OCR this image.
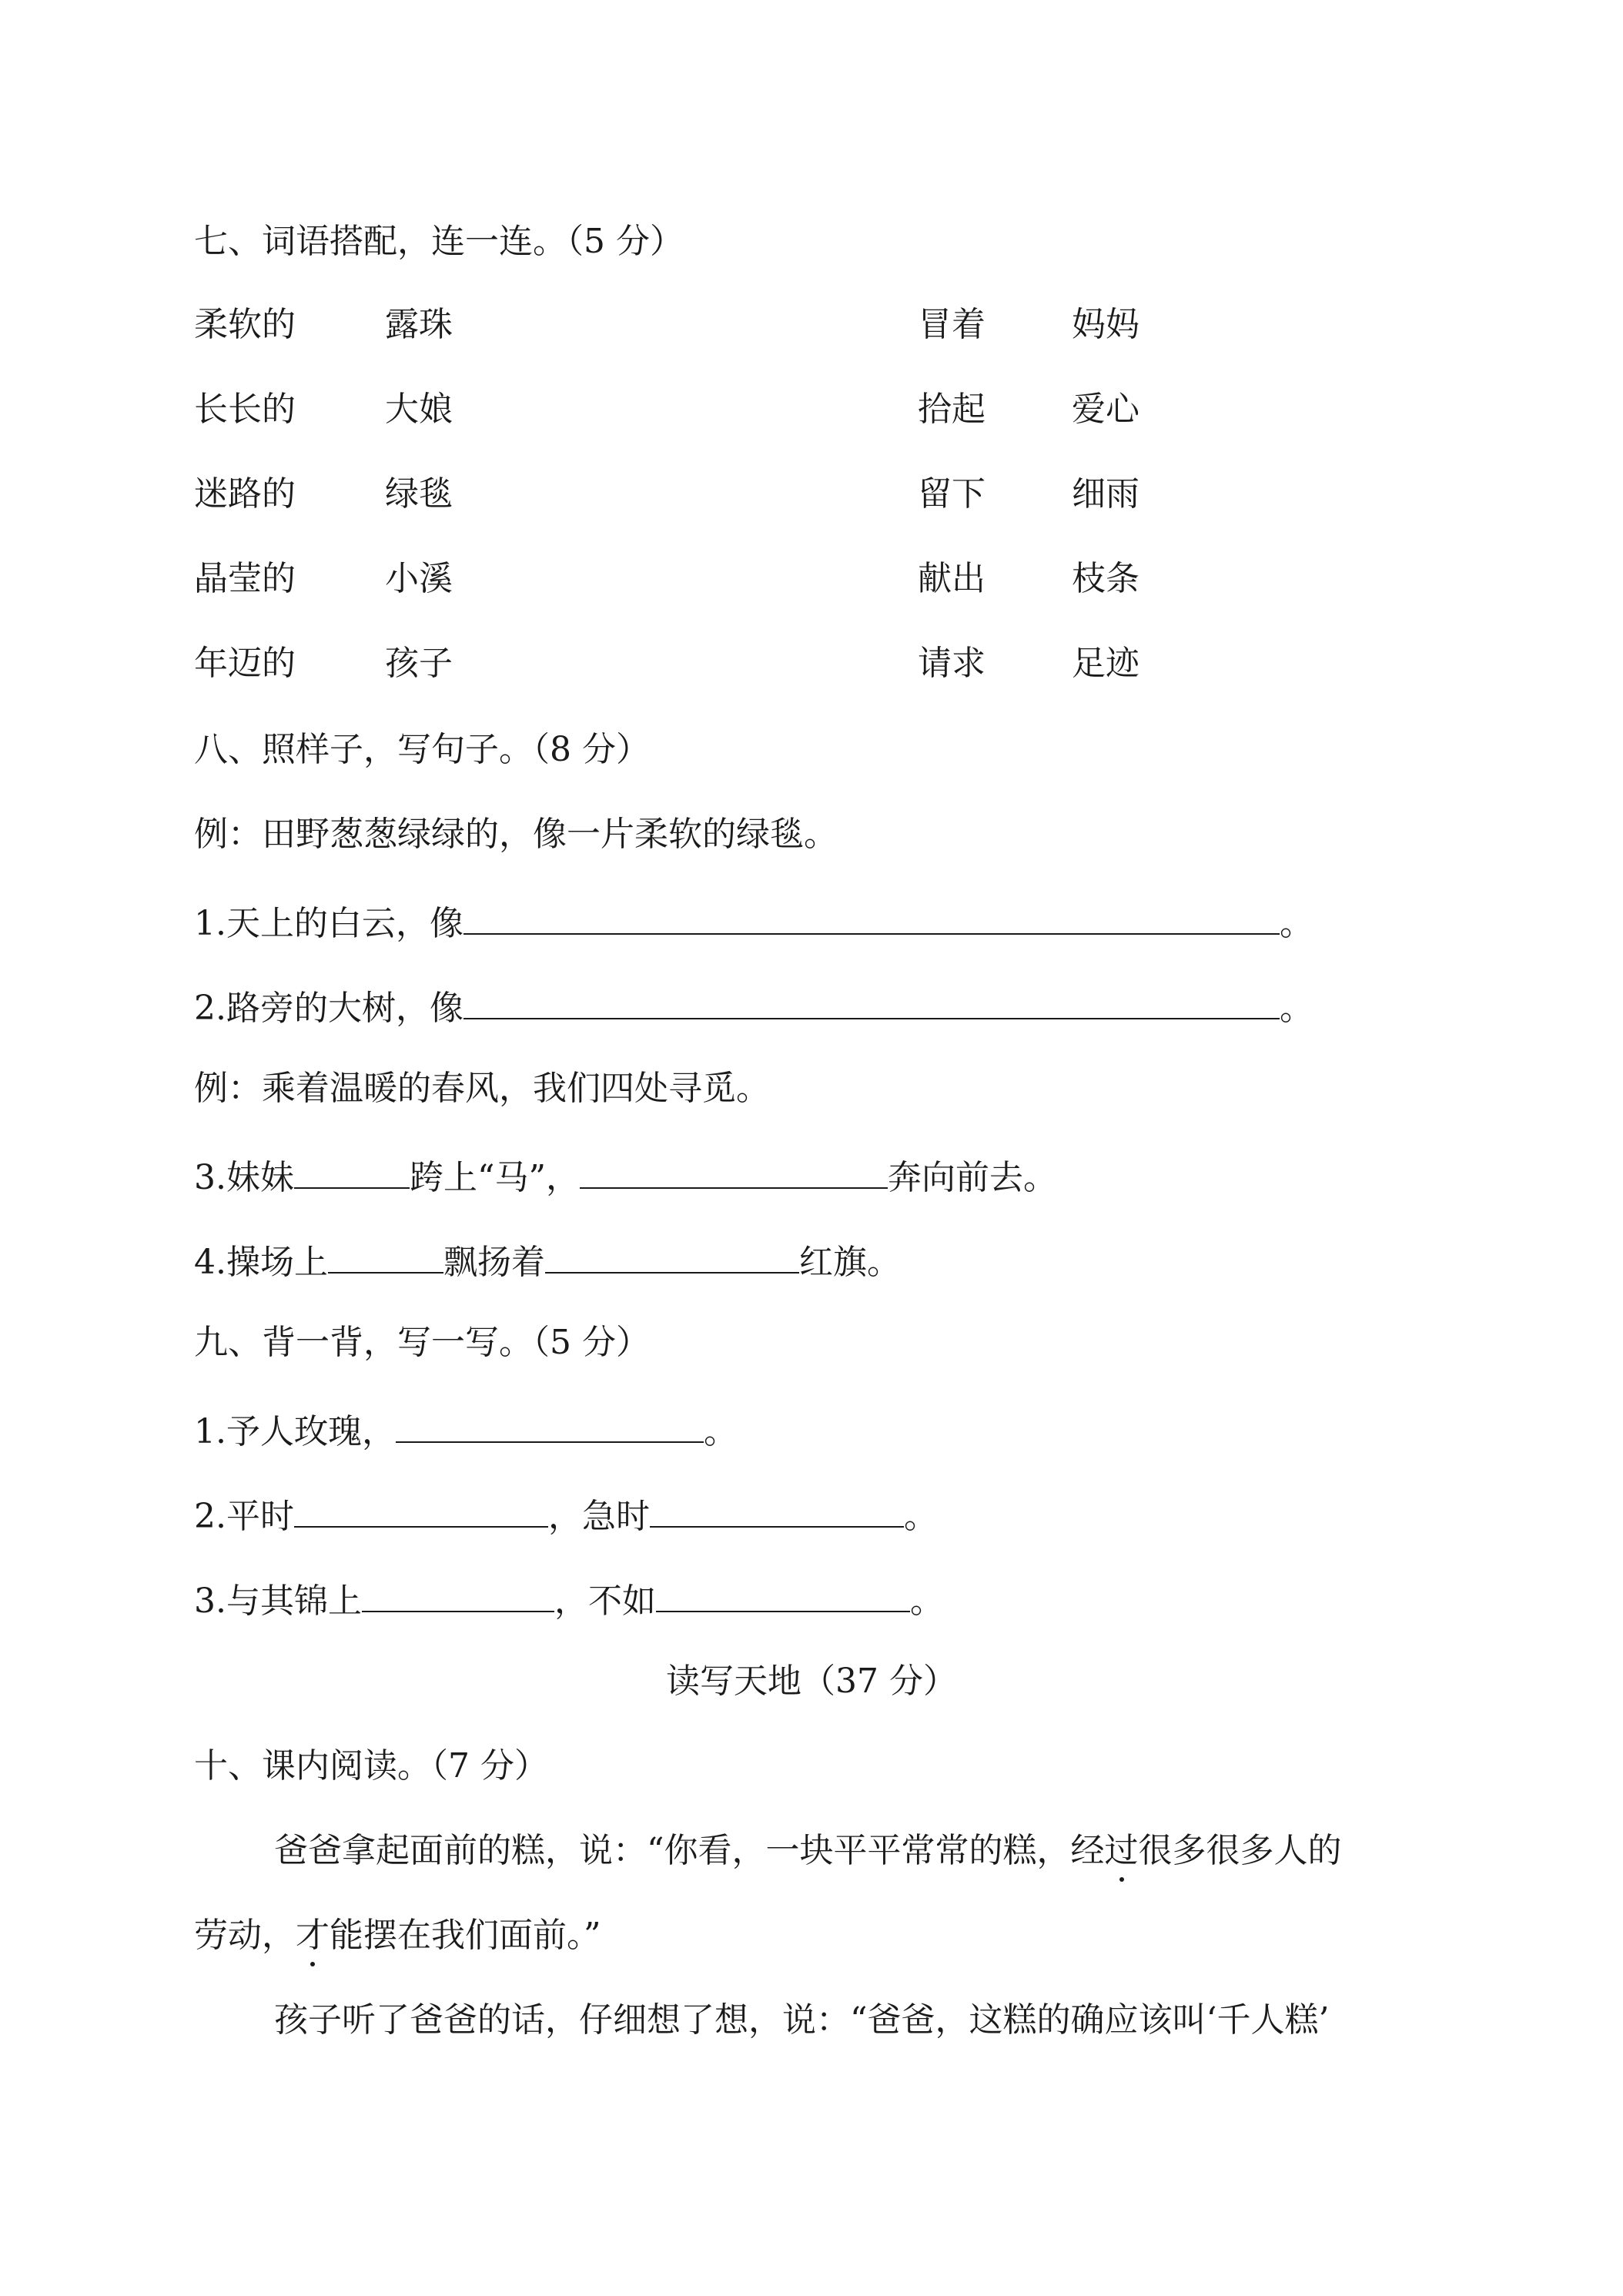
七、词语搭配，连一连。（5 分）
柔软的	露珠	冒着	妈妈
长长的	大娘	拾起	爱心
迷路的	绿毯	留下	细雨
晶莹的	小溪	献出	枝条
年迈的	孩子	请求	足迹
八、照样子，写句子。（8 分）
例：田野葱葱绿绿的，像一片柔软的绿毯。
1.天上的白云，像	。
2.路旁的大树，像	。
例：乘着温暖的春风，我们四处寻觅。
3.妹妹	跨上“马”，	奔向前去。
4.操场上	飘扬着	红旗。
九、背一背，写一写。（5 分）
1.予人玫瑰，	。
2.平时	，急时	。
3.与其锦上	，不如	。
读写天地（37 分）
十、课内阅读。（7 分）
爸爸拿起面前的糕，说：“你看，一块平平常常的糕，经过很多很多人的
劳动，才能摆在我们面前。”
孩子听了爸爸的话，仔细想了想，说：“爸爸，这糕的确应该叫‘千人糕’
